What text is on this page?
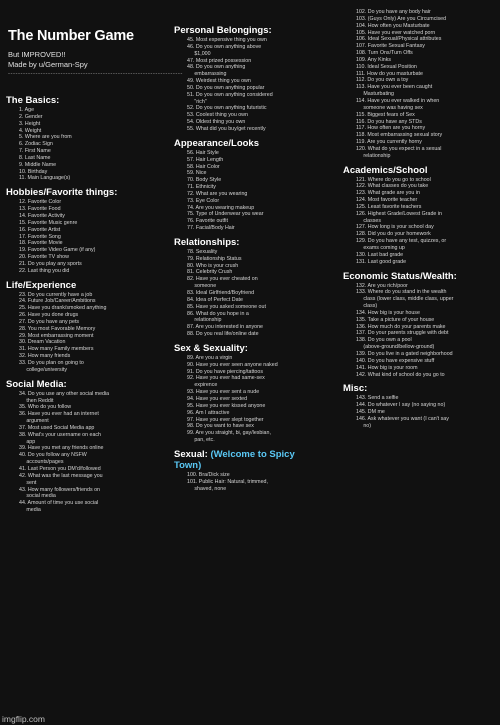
The Number Game
But IMPROVED!!
Made by u/German-Spy
----------------------------------------------------------------------
The Basics:
1. Age
2. Gender
3. Height
4. Weight
5. Where are you from
6. Zodiac Sign
7. First Name
8. Last Name
9. Middle Name
10. Birthday
11. Main Language(s)
Hobbies/Favorite things:
12. Favorite Color
13. Favorite Food
14. Favorite Activity
15. Favorite Music genre
16. Favorite Artist
17. Favorite Song
18. Favorite Movie
19. Favorite Video Game (if any)
20. Favorite TV show
21. Do you play any sports
22. Last thing you did
Life/Experience
23. Do you currently have a job
24. Future Job/Career/Ambitions
25. Have you drank/smoked anything
26. Have you done drugs
27. Do you have any pets
28. You most Favorable Memory
29. Most embarrassing moment
30. Dream Vacation
31. How many Family members
32. How many friends
33. Do you plan on going to
college/university
Social Media:
34. Do you use any other social media
then Reddit
35. Who do you follow
36. Have you ever had an internet
argument
37. Most used Social Media app
38. What's your username on each
app
39. Have you met any friends online
40. Do you follow any NSFW
accounts/pages
41. Last Person you DM'd/followed
42. What was the last message you
sent
43. How many followers/friends on
social media
44. Amount of time you use social
media
Personal Belongings:
45. Most expensive thing you own
46. Do you own anything above
$1,000
47. Most prized possession
48. Do you own anything
embarrassing
49. Weirdest thing you own
50. Do you own anything popular
51. Do you own anything considered
"rich"
52. Do you own anything futuristic
53. Coolest thing you own
54. Oldest thing you own
55. What did you buy/get recently
Appearance/Looks
56. Hair Style
57. Hair Length
58. Hair Color
59. Nice
70. Body Style
71. Ethnicity
72. What are you wearing
73. Eye Color
74. Are you wearing makeup
75. Type of Underwear you wear
76. Favorite outfit
77. Facial/Body Hair
Relationships:
78. Sexuality
79. Relationship Status
80. Who is your crush
81. Celebrity Crush
82. Have you ever cheated on
someone
83. Ideal Girlfriend/Boyfriend
84. Idea of Perfect Date
85. Have you asked someone out
86. What do you hope in a
relationship
87. Are you interested in anyone
88. Do you real life/online date
Sex & Sexuality:
89. Are you a virgin
90. Have you ever seen anyone naked
91. Do you have piercing/tattoos
92. Have you ever had same-sex
expirence
93. Have you ever sent a nude
94. Have you ever sexted
95. Have you ever kissed anyone
96. Am I attractive
97. Have you ever slept together
98. Do you want to have sex
99. Are you straight, bi, gay/lesbian,
pan, etc.
Sexual: (Welcome to Spicy
Town)
100. Bra/Dick size
101. Public Hair: Natural, trimmed,
shaved, none
102. Do you have any body hair
103. (Guys Only) Are you Circumcised
104. How often you Masturbate
105. Have you ever watched porn
106. Ideal Sexual/Physical attributes
107. Favorite Sexual Fantasy
108. Turn Ons/Turn Offs
109. Any Kinks
110. Ideal Sexual Position
111. How do you masturbate
112. Do you own a toy
113. Have you ever been caught
Masturbating
114. Have you ever walked in when
someone was having sex
115. Biggest fears of Sex
116. Do you have any STDs
117. How often are you horny
118. Most embarrassing sexual story
119. Are you currently horny
120. What do you expect in a sexual
relationship
Academics/School
121. Where do you go to school
122. What classes do you take
123. What grade are you in
124. Most favorite teacher
125. Least favorite teachers
126. Highest Grade/Lowest Grade in
classes
127. How long is your school day
128. Did you do your homework
129. Do you have any test, quizzes, or
exams coming up
130. Last bad grade
131. Last good grade
Economic Status/Wealth:
132. Are you rich/poor
133. Where do you stand in the wealth
class (lower class, middle class, upper
class)
134. How big is your house
135. Take a picture of your house
136. How much do your parents make
137. Do your parents struggle with debt
138. Do you own a pool
(above-ground/bellow-ground)
139. Do you live in a gated neighborhood
140. Do you have expensive stuff
141. How big is your room
142. What kind of school do you go to
Misc:
143. Send a selfie
144. Do whatever I say (no saying no)
145. DM me
146. Ask whatever you want (I can't say
no)
imgflip.com
